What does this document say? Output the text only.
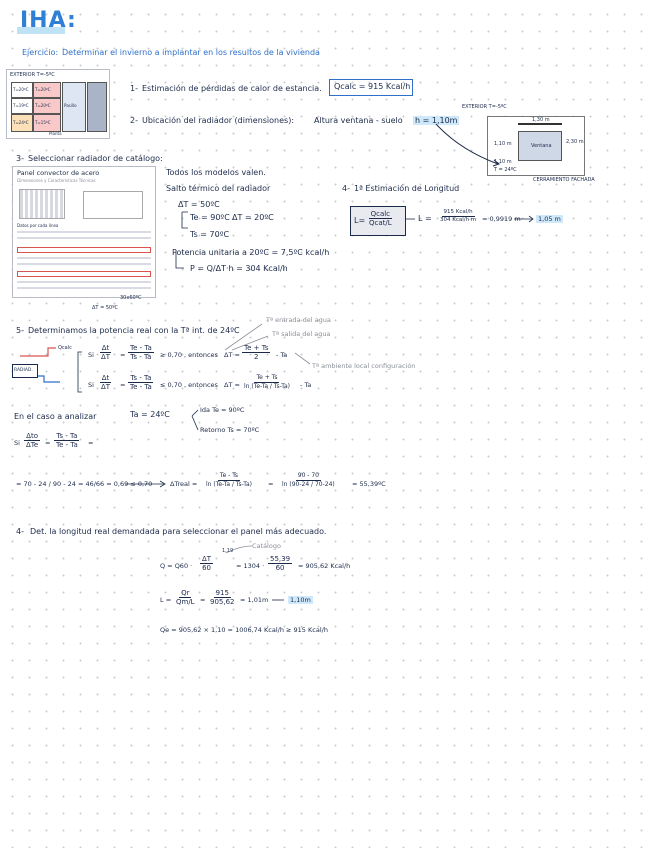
IHA:
Ejercicio: Determinar el invierno a implantar en los resultos de la vivienda
EXTERIOR T=-5ºC
T=20ºC T=20ºC
T=19ºC T=20ºC
T=24ºC T=15ºC
Pasillo
Planta
1- Estimación de pérdidas de calor de estancia. Qcalc = 915 Kcal/h
2- Ubicación del radiador (dimensiones): Altura ventana - suelo h = 1,10m
EXTERIOR T=-5ºC
1,30 m
Ventana
1,10 m	2,30 m
1,10 m
T = 24ºC
CERRAMIENTO FACHADA
3- Seleccionar radiador de catálogo:
Panel convector de acero
Dimensiones y Características Técnicas
Datos por cada línea
30x60ºC
ΔT = 50ºC
Todos los modelos valen.
Salto térmico del radiador
ΔT = 50ºC
Te = 90ºC ΔT = 20ºC
Ts = 70ºC
Potencia unitaria a 20ºC = 7,5ºC kcal/h
P = Q/ΔT·h = 304 Kcal/h
4- 1ª Estimación de Longitud
L=
Qcalc
Qcat/L	L =
915 Kcal/h
304 Kcal/h·m = 0,9919 m	1,05 m
5- Determinamos la potencia real con la Tª int. de 24ºC
Tª entrada del agua
Tª salida del agua
Tª ambiente local configuración
RADIAD.
Qcalc
Si $\frac{\Delta t}{\Delta T} = \frac{Te - Ta}{Ts - Ta} \ge 0,70$ , entonces $\Delta T = \frac{Te + Ts}{2} - Ta$
Si $\frac{\Delta t}{\Delta T} = \frac{Ts - Ta}{Te - Ta} \le 0,70$ , entonces $\Delta T = \frac{Te + Ts}{\ln (Te-Ta / Ts-Ta)} - Ta$
En el caso a analizar	Ta = 24ºC	Ida Te = 90ºC
Retorno Ts = 70ºC
Si
Δto
ΔTe	= $\frac{Ts - Ta}{Te - Ta}$ =
= 70 - 24 / 90 - 24 = 46/66 = 0,69 ≤ 0,70	ΔTreal = $\frac{Te - Ts}{\ln (Te-Ta / Ts-Ta)} = \frac{90 - 70}{\ln (90-24 / 70-24)}$ = 55,39ºC
4- Det. la longitud real demandada para seleccionar el panel más adecuado.
Catálogo
$Q = Q60 \cdot \frac{\Delta T}{60}$
1,19
= $1304 \cdot \frac{55,39}{60} = 905,62$ Kcal/h
$L = \frac{Qr}{Qm/L} = \frac{915}{905,62} = 1,01m$	1,10m
Qe = 905,62 × 1,10 = 1006,74 Kcal/h ≥ 915 Kcal/h
